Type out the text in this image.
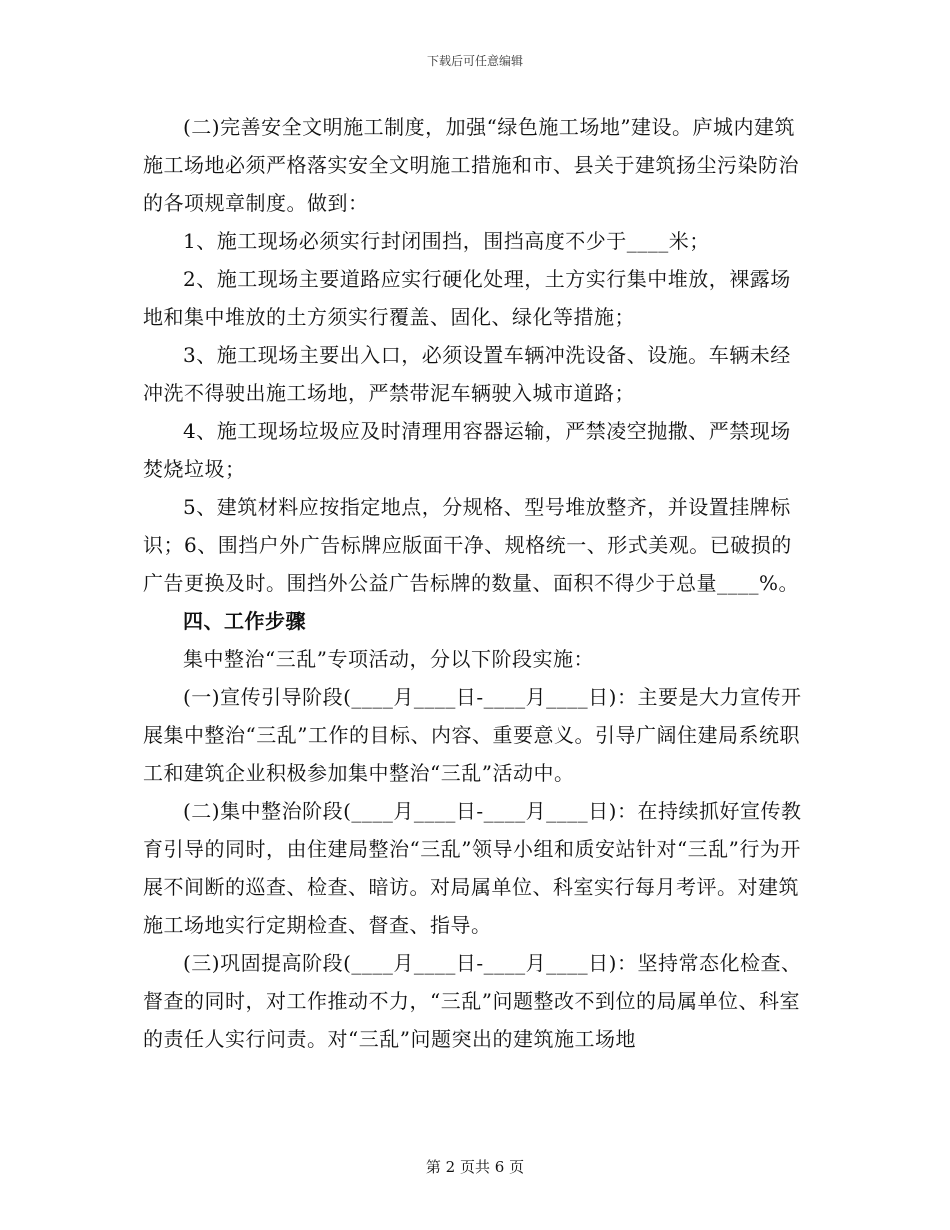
下载后可任意编辑

(二)完善安全文明施工制度，加强“绿色施工场地”建设。庐城内建筑施工场地必须严格落实安全文明施工措施和市、县关于建筑扬尘污染防治的各项规章制度。做到：

1、施工现场必须实行封闭围挡，围挡高度不少于____米；

2、施工现场主要道路应实行硬化处理，土方实行集中堆放，裸露场地和集中堆放的土方须实行覆盖、固化、绿化等措施；

3、施工现场主要出入口，必须设置车辆冲洗设备、设施。车辆未经冲洗不得驶出施工场地，严禁带泥车辆驶入城市道路；

4、施工现场垃圾应及时清理用容器运输，严禁凌空抛撒、严禁现场焚烧垃圾；

5、建筑材料应按指定地点，分规格、型号堆放整齐，并设置挂牌标识；6、围挡户外广告标牌应版面干净、规格统一、形式美观。已破损的广告更换及时。围挡外公益广告标牌的数量、面积不得少于总量____%。

四、工作步骤

集中整治“三乱”专项活动，分以下阶段实施：

(一)宣传引导阶段(____月____日-____月____日)：主要是大力宣传开展集中整治“三乱”工作的目标、内容、重要意义。引导广阔住建局系统职工和建筑企业积极参加集中整治“三乱”活动中。

(二)集中整治阶段(____月____日-____月____日)：在持续抓好宣传教育引导的同时，由住建局整治“三乱”领导小组和质安站针对“三乱”行为开展不间断的巡查、检查、暗访。对局属单位、科室实行每月考评。对建筑施工场地实行定期检查、督查、指导。

(三)巩固提高阶段(____月____日-____月____日)：坚持常态化检查、督查的同时，对工作推动不力，“三乱”问题整改不到位的局属单位、科室的责任人实行问责。对“三乱”问题突出的建筑施工场地

第 2 页共 6 页
